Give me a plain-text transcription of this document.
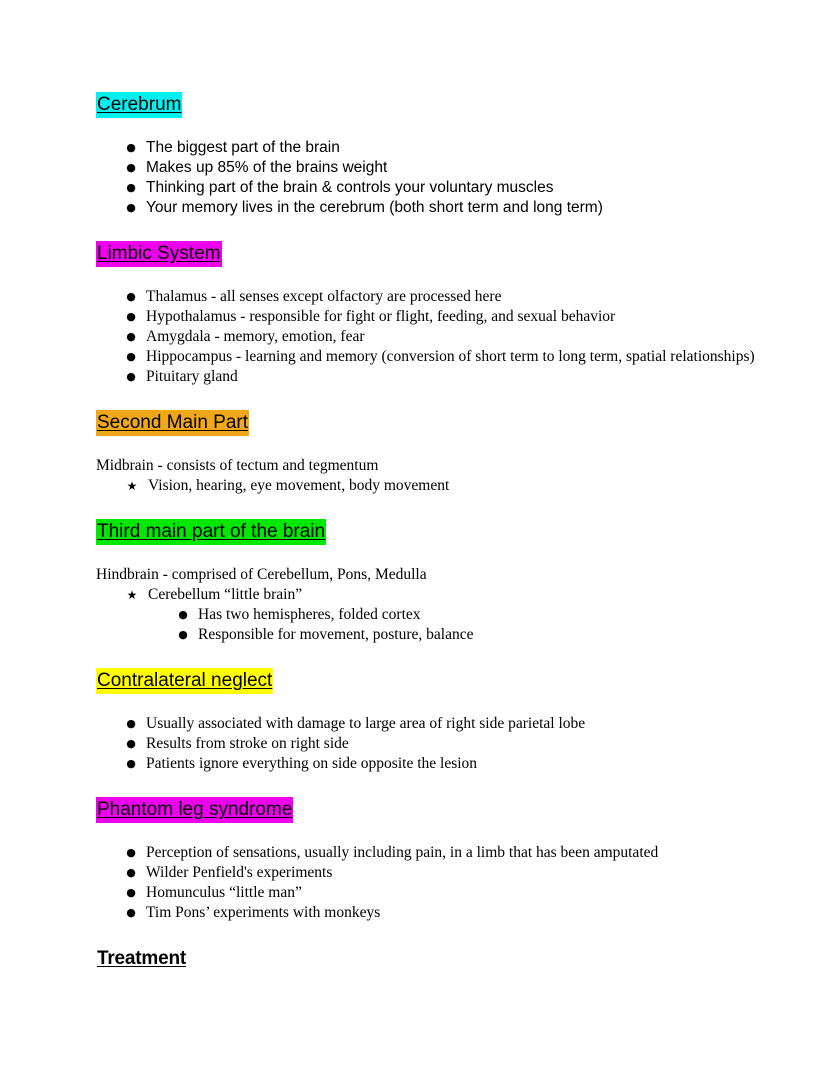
Cerebrum
● The biggest part of the brain
● Makes up 85% of the brains weight
● Thinking part of the brain & controls your voluntary muscles
● Your memory lives in the cerebrum (both short term and long term)
Limbic System
● Thalamus - all senses except olfactory are processed here
● Hypothalamus - responsible for fight or flight, feeding, and sexual behavior
● Amygdala - memory, emotion, fear
● Hippocampus - learning and memory (conversion of short term to long term, spatial relationships)
● Pituitary gland
Second Main Part

Midbrain - consists of tectum and tegmentum

★ Vision, hearing, eye movement, body movement
Third main part of the brain

Hindbrain - comprised of Cerebellum, Pons, Medulla

★ Cerebellum “little brain”
● Has two hemispheres, folded cortex
● Responsible for movement, posture, balance
Contralateral neglect
● Usually associated with damage to large area of right side parietal lobe
● Results from stroke on right side
● Patients ignore everything on side opposite the lesion
Phantom leg syndrome
● Perception of sensations, usually including pain, in a limb that has been amputated
● Wilder Penfield's experiments
● Homunculus “little man”
● Tim Pons’ experiments with monkeys
Treatment
